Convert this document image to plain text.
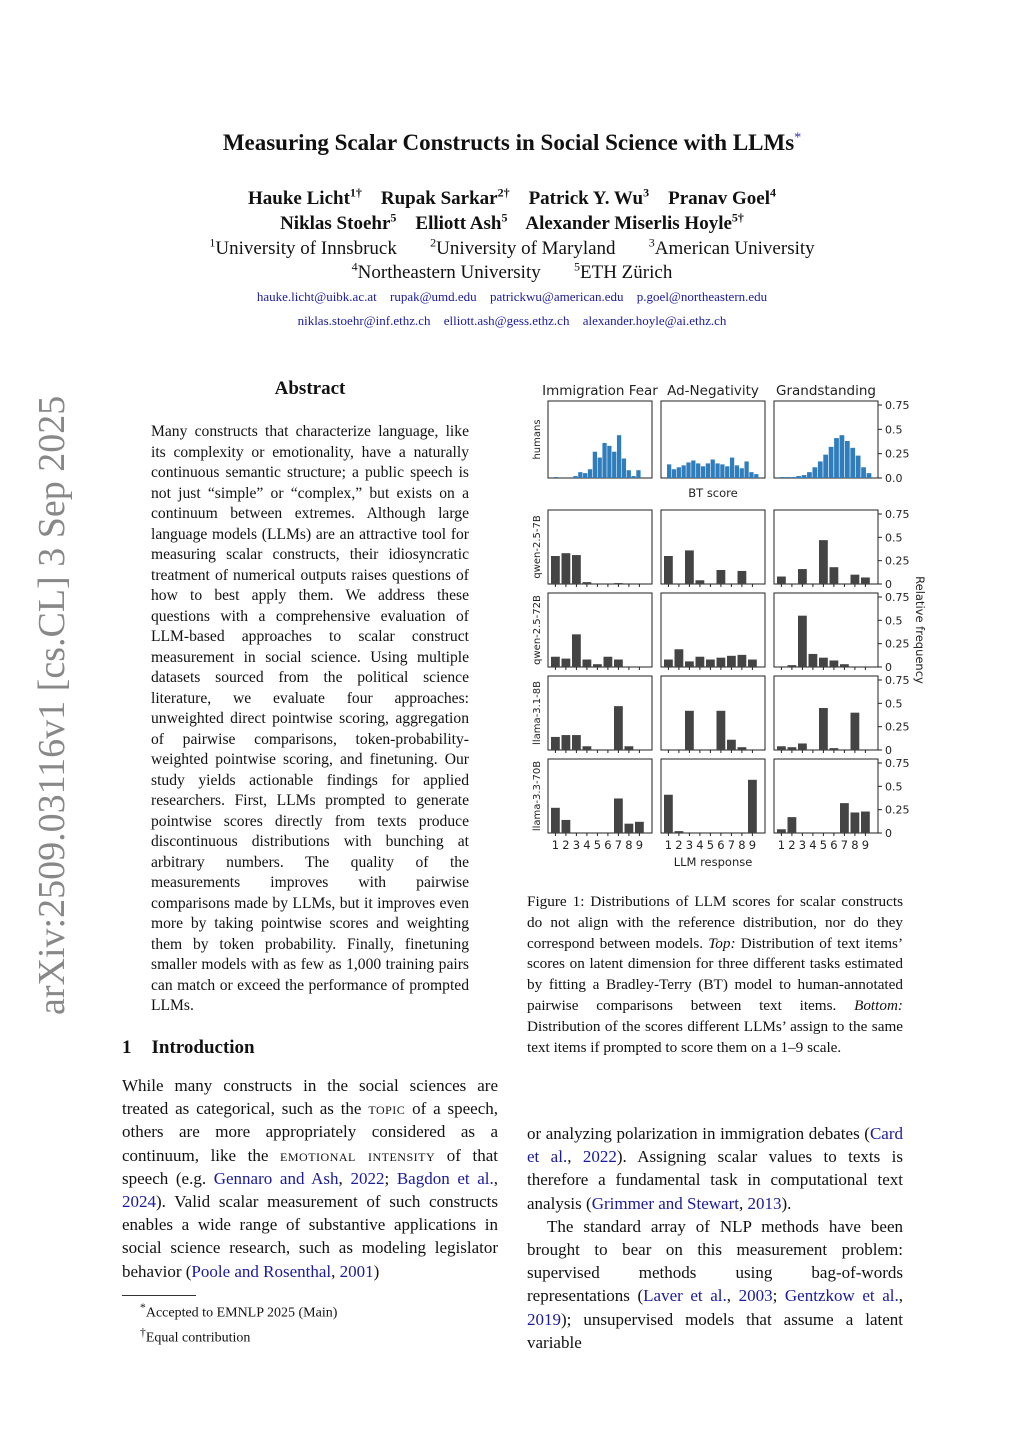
Measuring Scalar Constructs in Social Science with LLMs*
Hauke Licht$^{1\dagger}$ Rupak Sarkar$^{2\dagger}$ Patrick Y. Wu$^3$ Pranav Goel$^4$
Niklas Stoehr$^5$ Elliott Ash$^5$ Alexander Miserlis Hoyle$^{5\dagger}$
$^1$University of Innsbruck	$^2$University of Maryland	$^3$American University
$^4$Northeastern University	$^5$ETH Zürich
hauke.licht@uibk.ac.at rupak@umd.edu patrickwu@american.edu p.goel@northeastern.edu
niklas.stoehr@inf.ethz.ch elliott.ash@gess.ethz.ch alexander.hoyle@ai.ethz.ch
arXiv:2509.03116v1 [cs.CL] 3 Sep 2025
Abstract
Many constructs that characterize language, like its complexity or emotionality, have a naturally continuous semantic structure; a public speech is not just “simple” or “complex,” but exists on a continuum between extremes. Although large language models (LLMs) are an attractive tool for measuring scalar constructs, their idiosyncratic treatment of numerical outputs raises questions of how to best apply them. We address these questions with a comprehensive evaluation of LLM-based approaches to scalar construct measurement in social science. Using multiple datasets sourced from the political science literature, we evaluate four approaches: unweighted direct pointwise scoring, aggregation of pairwise comparisons, token-probability-weighted pointwise scoring, and finetuning. Our study yields actionable findings for applied researchers. First, LLMs prompted to generate pointwise scores directly from texts produce discontinuous distributions with bunching at arbitrary numbers. The quality of the measurements improves with pairwise comparisons made by LLMs, but it improves even more by taking pointwise scores and weighting them by token probability. Finally, finetuning smaller models with as few as 1,000 training pairs can match or exceed the performance of prompted LLMs.
1 Introduction
While many constructs in the social sciences are treated as categorical, such as the topic of a speech, others are more appropriately considered as a continuum, like the emotional intensity of that speech (e.g. Gennaro and Ash, 2022; Bagdon et al., 2024). Valid scalar measurement of such constructs enables a wide range of substantive applications in social science research, such as modeling legislator behavior (Poole and Rosenthal, 2001)
*Accepted to EMNLP 2025 (Main)
†Equal contribution
Immigration Fear Ad-Negativity Grandstanding
0.75
0.5
0.25
0.0
humans
0.75
0.5
0.25
0
qwen-2.5-7B
0.75
0.5
0.25
0
qwen-2.5-72B
0.75
0.5
0.25
0
llama-3.1-8B
0.75
0.5
0.25
0
llama-3.3-70B
BT score
1 2 3 4 5 6 7 8 9 1 2 3 4 5 6 7 8 9 1 2 3 4 5 6 7 8 9
LLM response
Relative frequency
Figure 1: Distributions of LLM scores for scalar constructs do not align with the reference distribution, nor do they correspond between models. Top: Distribution of text items’ scores on latent dimension for three different tasks estimated by fitting a Bradley-Terry (BT) model to human-annotated pairwise comparisons between text items. Bottom: Distribution of the scores different LLMs’ assign to the same text items if prompted to score them on a 1–9 scale.

or analyzing polarization in immigration debates (Card et al., 2022). Assigning scalar values to texts is therefore a fundamental task in computational text analysis (Grimmer and Stewart, 2013).

The standard array of NLP methods have been brought to bear on this measurement problem: supervised methods using bag-of-words representations (Laver et al., 2003; Gentzkow et al., 2019); unsupervised models that assume a latent variable
